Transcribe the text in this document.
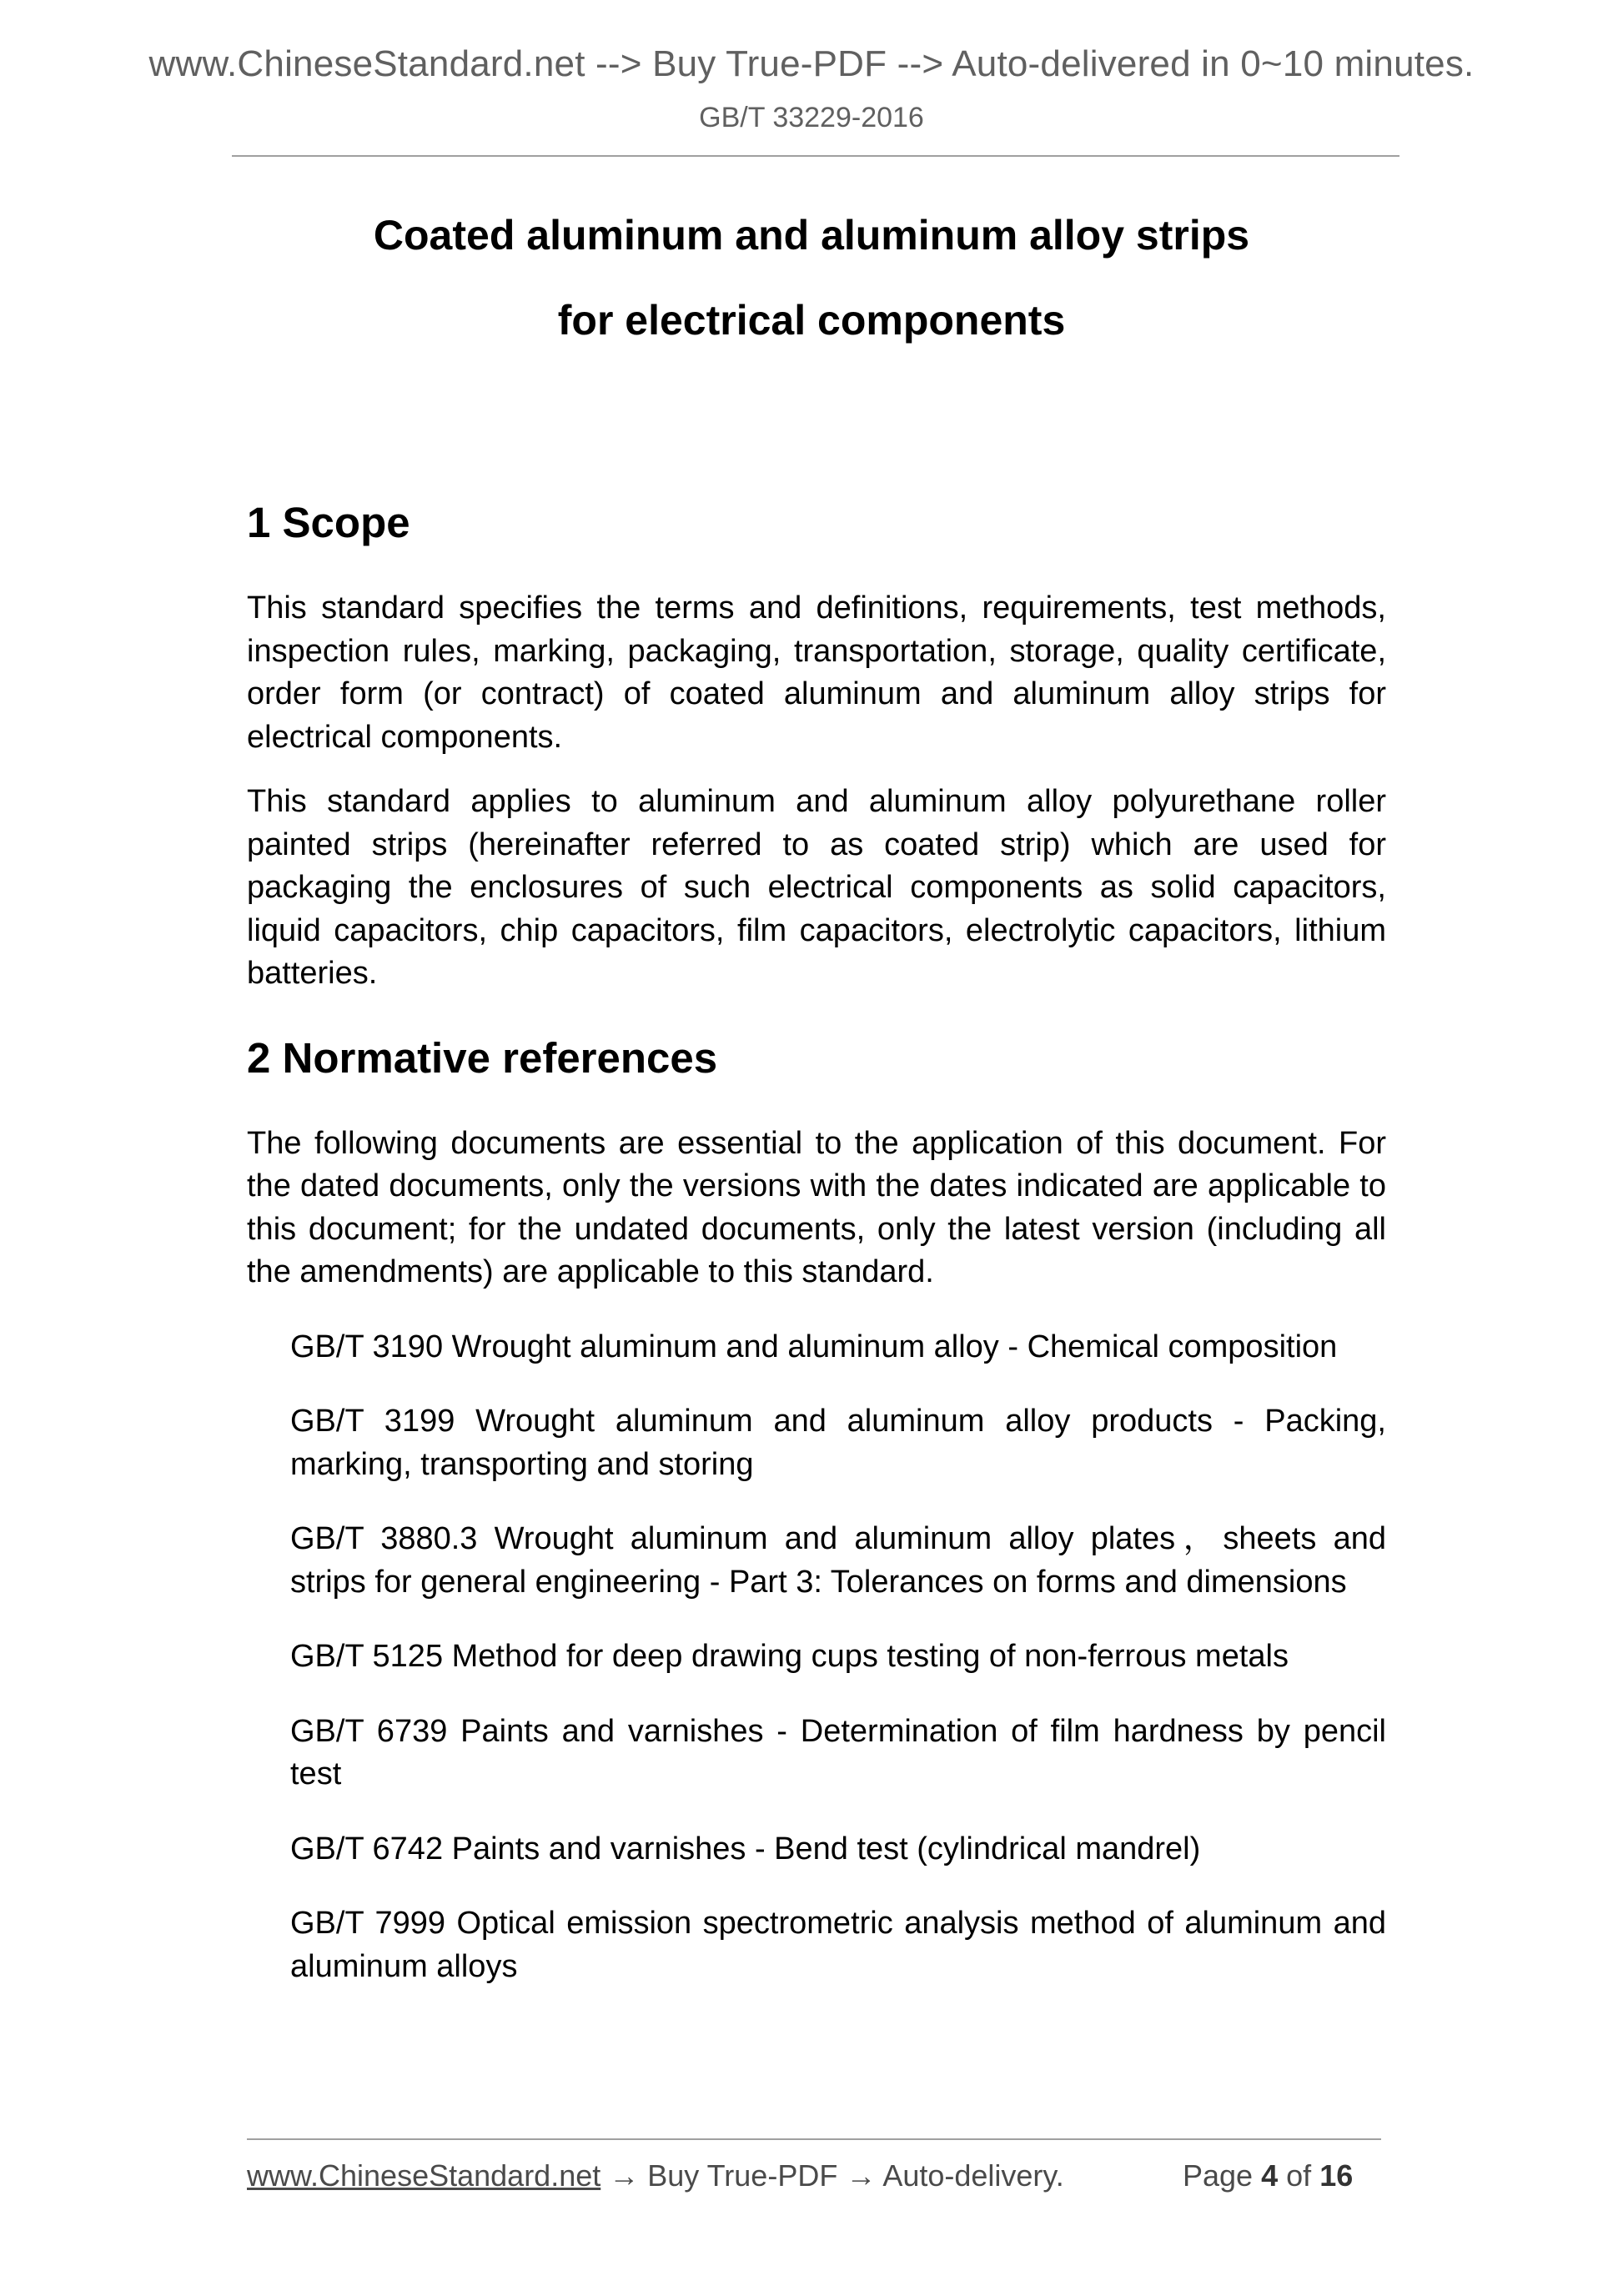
www.ChineseStandard.net --> Buy True-PDF --> Auto-delivered in 0~10 minutes.
GB/T 33229-2016
Coated aluminum and aluminum alloy strips
for electrical components
1 Scope

This standard specifies the terms and definitions, requirements, test methods, inspection rules, marking, packaging, transportation, storage, quality certificate, order form (or contract) of coated aluminum and aluminum alloy strips for electrical components.

This standard applies to aluminum and aluminum alloy polyurethane roller painted strips (hereinafter referred to as coated strip) which are used for packaging the enclosures of such electrical components as solid capacitors, liquid capacitors, chip capacitors, film capacitors, electrolytic capacitors, lithium batteries.

2 Normative references

The following documents are essential to the application of this document. For the dated documents, only the versions with the dates indicated are applicable to this document; for the undated documents, only the latest version (including all the amendments) are applicable to this standard.

GB/T 3190 Wrought aluminum and aluminum alloy - Chemical composition

GB/T 3199 Wrought aluminum and aluminum alloy products - Packing, marking, transporting and storing

GB/T 3880.3 Wrought aluminum and aluminum alloy plates，sheets and strips for general engineering - Part 3: Tolerances on forms and dimensions

GB/T 5125 Method for deep drawing cups testing of non-ferrous metals

GB/T 6739 Paints and varnishes - Determination of film hardness by pencil test

GB/T 6742 Paints and varnishes - Bend test (cylindrical mandrel)

GB/T 7999 Optical emission spectrometric analysis method of aluminum and aluminum alloys

www.ChineseStandard.net → Buy True-PDF → Auto-delivery.	Page 4 of 16
